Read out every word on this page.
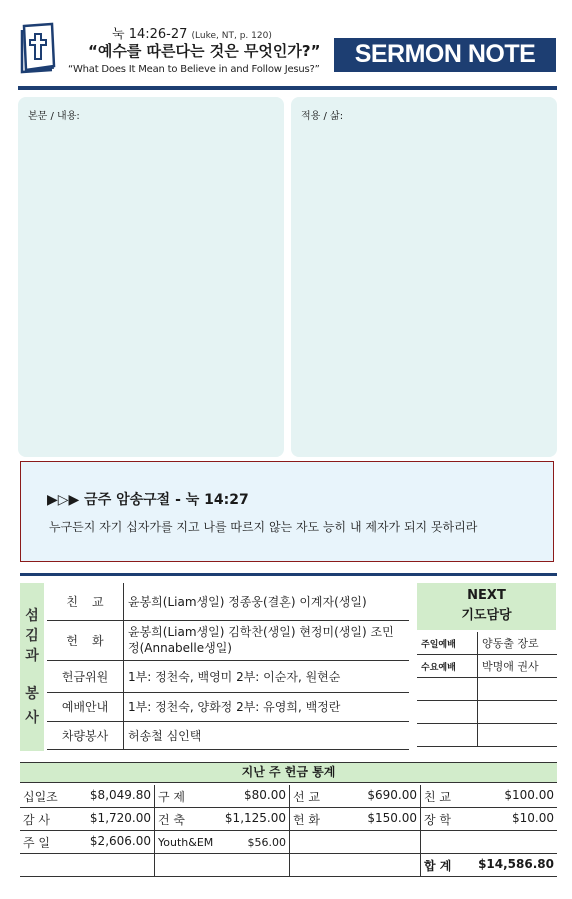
눅 14:26-27 (Luke, NT, p. 120)
“예수를 따른다는 것은 무엇인가?”
“What Does It Mean to Believe in and Follow Jesus?”
SERMON NOTE
본문 / 내용:	적용 / 삶:
▶▷▶ 금주 암송구절 - 눅 14:27
누구든지 자기 십자가를 지고 나를 따르지 않는 자도 능히 내 제자가 되지 못하리라
섬
김
과
봉
사
친교	윤봉희(Liam생일) 정종웅(결혼) 이계자(생일)
헌화	윤봉희(Liam생일) 김학찬(생일) 현정미(생일) 조민정(Annabelle생일)
헌금위원	1부: 정천숙, 백영미 2부: 이순자, 원현순
예배안내	1부: 정천숙, 양화정 2부: 유영희, 백정란
차량봉사	허송철 심인택
NEXT
기도담당
주일예배	양동출 장로
수요예배	박명애 권사

지난 주 헌금 통계
십일조 $8,049.80	구 제 $80.00	선 교 $690.00	친 교 $100.00

감 사 $1,720.00	건 축 $1,125.00	헌 화 $150.00	장 학 $10.00

주 일 $2,606.00	Youth&EM $56.00		

			합 계 $14,586.80
